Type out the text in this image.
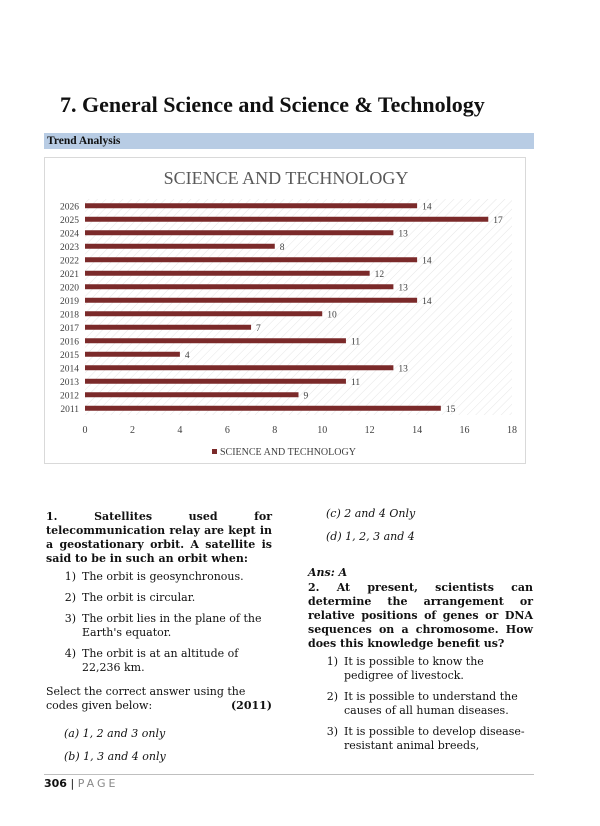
7. General Science and Science & Technology
Trend Analysis
SCIENCE AND TECHNOLOGY
2026	14
2025	17
2024	13
2023	8
2022	14
2021	12
2020	13
2019	14
2018	10
2017	7
2016	11
2015	4
2014	13
2013	11
2012	9
2011	15
0	2	4	6	8	10	12	14	16	18
SCIENCE AND TECHNOLOGY

1. Satellites used for telecommunication relay are kept in a geostationary orbit. A satellite is said to be in such an orbit when:

1) The orbit is geosynchronous.
2) The orbit is circular.
3) The orbit lies in the plane of the Earth's equator.
4) The orbit is at an altitude of 22,236 km.
Select the correct answer using the
codes given below:	(2011)

(a) 1, 2 and 3 only

(b) 1, 3 and 4 only

(c) 2 and 4 Only

(d) 1, 2, 3 and 4

Ans: A

2. At present, scientists can determine the arrangement or relative positions of genes or DNA sequences on a chromosome. How does this knowledge benefit us?

1) It is possible to know the pedigree of livestock.
2) It is possible to understand the causes of all human diseases.
3) It is possible to develop disease-resistant animal breeds,
306 | PAGE
